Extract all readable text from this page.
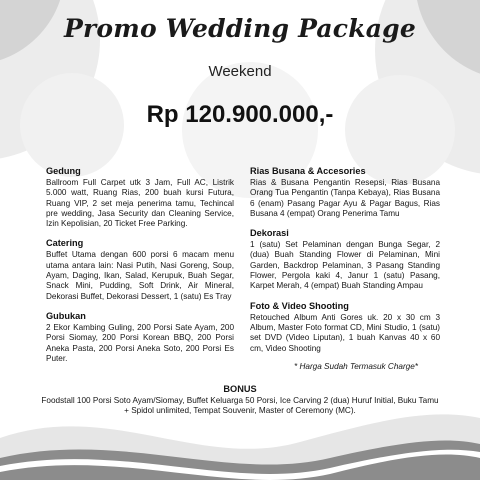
Promo Wedding Package
Weekend
Rp 120.900.000,-
Gedung
Ballroom Full Carpet utk 3 Jam, Full AC, Listrik 5.000 watt, Ruang Rias, 200 buah kursi Futura, Ruang VIP, 2 set meja penerima tamu, Techincal pre wedding, Jasa Security dan Cleaning Service, Izin Kepolisian, 20 Ticket Free Parking.
Catering
Buffet Utama dengan 600 porsi 6 macam menu utama antara lain: Nasi Putih, Nasi Goreng, Soup, Ayam, Daging, Ikan, Salad, Kerupuk, Buah Segar, Snack Mini, Pudding, Soft Drink, Air Mineral, Dekorasi Buffet, Dekorasi Dessert, 1 (satu) Es Tray
Gubukan
2 Ekor Kambing Guling, 200 Porsi Sate Ayam, 200 Porsi Siomay, 200 Porsi Korean BBQ, 200 Porsi Aneka Pasta, 200 Porsi Aneka Soto, 200 Porsi Es Puter.
Rias Busana & Accesories
Rias & Busana Pengantin Resepsi, Rias Busana Orang Tua Pengantin (Tanpa Kebaya), Rias Busana 6 (enam) Pasang Pagar Ayu & Pagar Bagus, Rias Busana 4 (empat) Orang Penerima Tamu
Dekorasi
1 (satu) Set Pelaminan dengan Bunga Segar, 2 (dua) Buah Standing Flower di Pelaminan, Mini Garden, Backdrop Pelaminan, 3 Pasang Standing Flower, Pergola kaki 4, Janur 1 (satu) Pasang, Karpet Merah, 4 (empat) Buah Standing Ampau
Foto & Video Shooting
Retouched Album Anti Gores uk. 20 x 30 cm 3 Album, Master Foto format CD, Mini Studio, 1 (satu) set DVD (Video Liputan), 1 buah Kanvas 40 x 60 cm, Video Shooting
* Harga Sudah Termasuk Charge*
BONUS
Foodstall 100 Porsi Soto Ayam/Siomay, Buffet Keluarga 50 Porsi, Ice Carving 2 (dua) Huruf Initial, Buku Tamu + Spidol unlimited, Tempat Souvenir, Master of Ceremony (MC).
